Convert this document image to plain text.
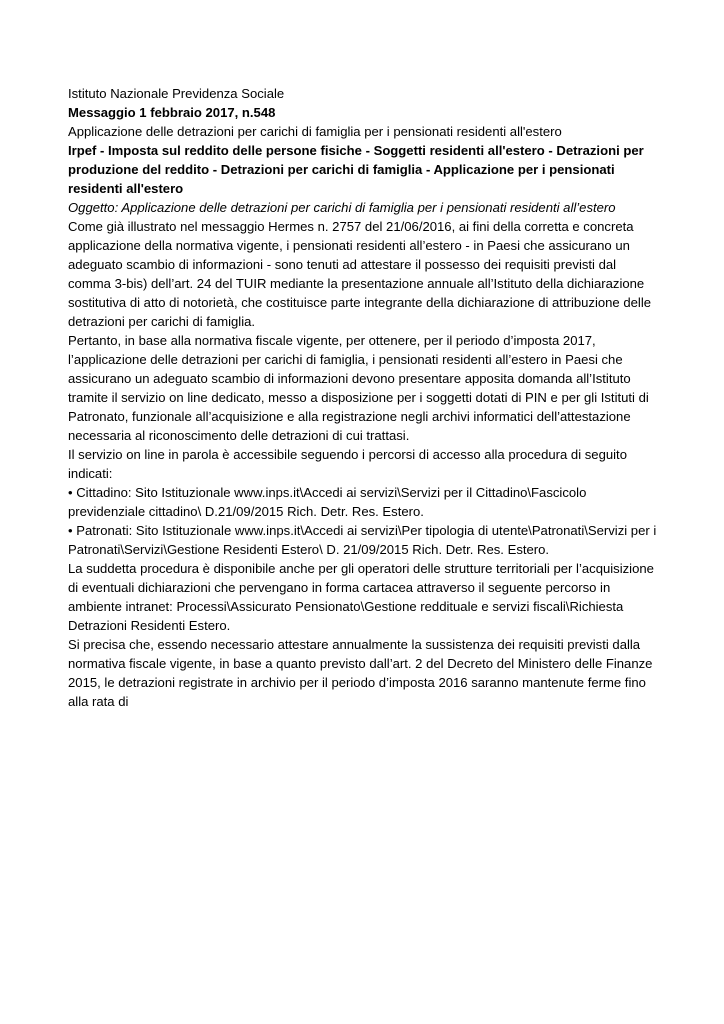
Istituto Nazionale Previdenza Sociale

Messaggio 1 febbraio 2017, n.548

Applicazione delle detrazioni per carichi di famiglia per i pensionati residenti all'estero

Irpef - Imposta sul reddito delle persone fisiche - Soggetti residenti all'estero - Detrazioni per produzione del reddito - Detrazioni per carichi di famiglia - Applicazione per i pensionati residenti all'estero

Oggetto: Applicazione delle detrazioni per carichi di famiglia per i pensionati residenti all’estero

Come già illustrato nel messaggio Hermes n. 2757 del 21/06/2016, ai fini della corretta e concreta applicazione della normativa vigente, i pensionati residenti all’estero - in Paesi che assicurano un adeguato scambio di informazioni - sono tenuti ad attestare il possesso dei requisiti previsti dal comma 3-bis) dell’art. 24 del TUIR mediante la presentazione annuale all’Istituto della dichiarazione sostitutiva di atto di notorietà, che costituisce parte integrante della dichiarazione di attribuzione delle detrazioni per carichi di famiglia.

Pertanto, in base alla normativa fiscale vigente, per ottenere, per il periodo d’imposta 2017, l’applicazione delle detrazioni per carichi di famiglia, i pensionati residenti all’estero in Paesi che assicurano un adeguato scambio di informazioni devono presentare apposita domanda all’Istituto tramite il servizio on line dedicato, messo a disposizione per i soggetti dotati di PIN e per gli Istituti di Patronato, funzionale all’acquisizione e alla registrazione negli archivi informatici dell’attestazione necessaria al riconoscimento delle detrazioni di cui trattasi.

Il servizio on line in parola è accessibile seguendo i percorsi di accesso alla procedura di seguito indicati:

• Cittadino: Sito Istituzionale www.inps.it\Accedi ai servizi\Servizi per il Cittadino\Fascicolo previdenziale cittadino\ D.21/09/2015 Rich. Detr. Res. Estero.

• Patronati: Sito Istituzionale www.inps.it\Accedi ai servizi\Per tipologia di utente\Patronati\Servizi per i Patronati\Servizi\Gestione Residenti Estero\ D. 21/09/2015 Rich. Detr. Res. Estero.

La suddetta procedura è disponibile anche per gli operatori delle strutture territoriali per l’acquisizione di eventuali dichiarazioni che pervengano in forma cartacea attraverso il seguente percorso in ambiente intranet: Processi\Assicurato Pensionato\Gestione reddituale e servizi fiscali\Richiesta Detrazioni Residenti Estero.

Si precisa che, essendo necessario attestare annualmente la sussistenza dei requisiti previsti dalla normativa fiscale vigente, in base a quanto previsto dall’art. 2 del Decreto del Ministero delle Finanze 2015, le detrazioni registrate in archivio per il periodo d’imposta 2016 saranno mantenute ferme fino alla rata di
